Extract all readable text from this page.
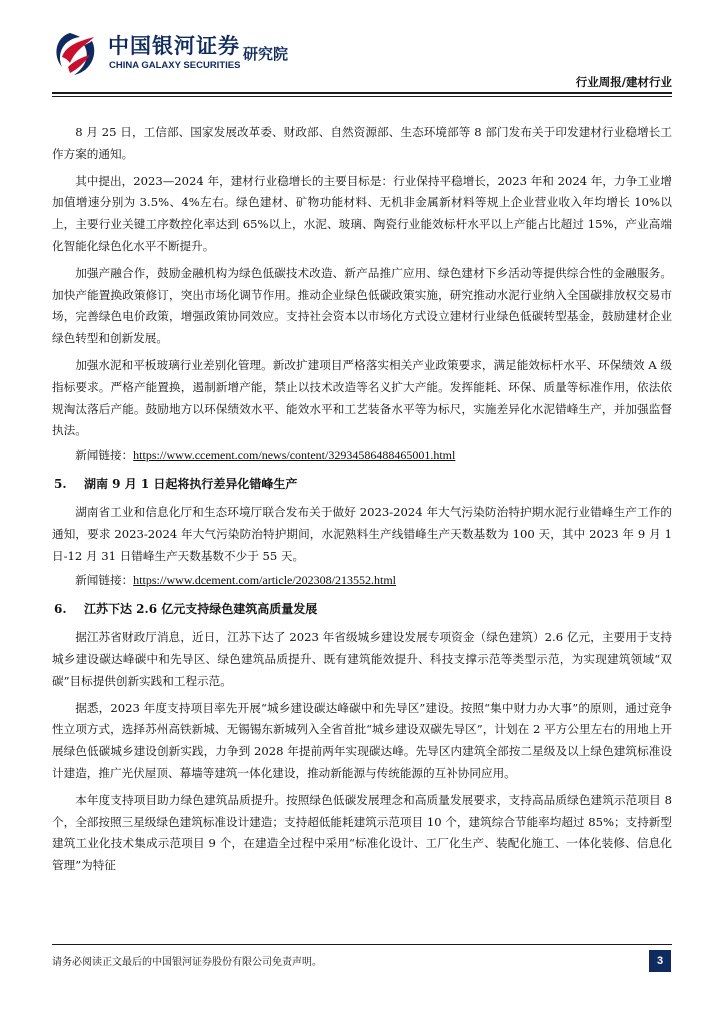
中国银河证券
CHINA GALAXY SECURITIES
研究院
行业周报/建材行业

8 月 25 日，工信部、国家发展改革委、财政部、自然资源部、生态环境部等 8 部门发布关于印发建材行业稳增长工作方案的通知。

其中提出，2023—2024 年，建材行业稳增长的主要目标是：行业保持平稳增长，2023 年和 2024 年，力争工业增加值增速分别为 3.5%、4%左右。绿色建材、矿物功能材料、无机非金属新材料等规上企业营业收入年均增长 10%以上，主要行业关键工序数控化率达到 65%以上，水泥、玻璃、陶瓷行业能效标杆水平以上产能占比超过 15%，产业高端化智能化绿色化水平不断提升。

加强产融合作，鼓励金融机构为绿色低碳技术改造、新产品推广应用、绿色建材下乡活动等提供综合性的金融服务。加快产能置换政策修订，突出市场化调节作用。推动企业绿色低碳政策实施，研究推动水泥行业纳入全国碳排放权交易市场，完善绿色电价政策，增强政策协同效应。支持社会资本以市场化方式设立建材行业绿色低碳转型基金，鼓励建材企业绿色转型和创新发展。

加强水泥和平板玻璃行业差别化管理。新改扩建项目严格落实相关产业政策要求，满足能效标杆水平、环保绩效 A 级指标要求。严格产能置换，遏制新增产能，禁止以技术改造等名义扩大产能。发挥能耗、环保、质量等标准作用，依法依规淘汰落后产能。鼓励地方以环保绩效水平、能效水平和工艺装备水平等为标尺，实施差异化水泥错峰生产，并加强监督执法。

新闻链接：https://www.ccement.com/news/content/32934586488465001.html
5. 湖南 9 月 1 日起将执行差异化错峰生产

湖南省工业和信息化厅和生态环境厅联合发布关于做好 2023-2024 年大气污染防治特护期水泥行业错峰生产工作的通知，要求 2023-2024 年大气污染防治特护期间，水泥熟料生产线错峰生产天数基数为 100 天，其中 2023 年 9 月 1 日-12 月 31 日错峰生产天数基数不少于 55 天。

新闻链接：https://www.dcement.com/article/202308/213552.html
6. 江苏下达 2.6 亿元支持绿色建筑高质量发展

据江苏省财政厅消息，近日，江苏下达了 2023 年省级城乡建设发展专项资金（绿色建筑）2.6 亿元，主要用于支持城乡建设碳达峰碳中和先导区、绿色建筑品质提升、既有建筑能效提升、科技支撑示范等类型示范，为实现建筑领域“双碳”目标提供创新实践和工程示范。

据悉，2023 年度支持项目率先开展“城乡建设碳达峰碳中和先导区”建设。按照“集中财力办大事”的原则，通过竞争性立项方式，选择苏州高铁新城、无锡锡东新城列入全省首批“城乡建设双碳先导区”，计划在 2 平方公里左右的用地上开展绿色低碳城乡建设创新实践，力争到 2028 年提前两年实现碳达峰。先导区内建筑全部按二星级及以上绿色建筑标准设计建造，推广光伏屋顶、幕墙等建筑一体化建设，推动新能源与传统能源的互补协同应用。

本年度支持项目助力绿色建筑品质提升。按照绿色低碳发展理念和高质量发展要求，支持高品质绿色建筑示范项目 8 个，全部按照三星级绿色建筑标准设计建造；支持超低能耗建筑示范项目 10 个，建筑综合节能率均超过 85%；支持新型建筑工业化技术集成示范项目 9 个，在建造全过程中采用“标准化设计、工厂化生产、装配化施工、一体化装修、信息化管理”为特征

请务必阅读正文最后的中国银河证券股份有限公司免责声明。	3
